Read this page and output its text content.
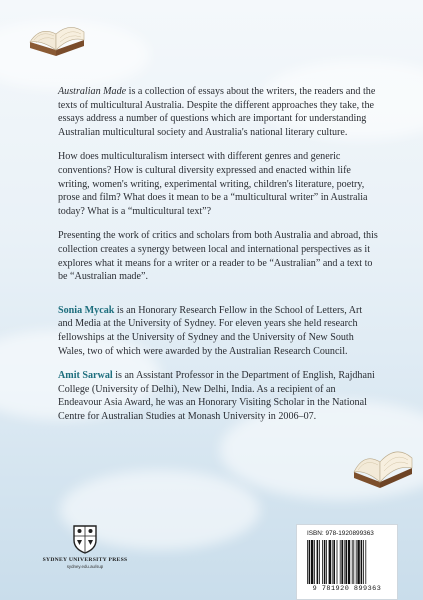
Australian Made is a collection of essays about the writers, the readers and the texts of multicultural Australia. Despite the different approaches they take, the essays address a number of questions which are important for understanding Australian multicultural society and Australia's national literary culture.

How does multiculturalism intersect with different genres and generic conventions? How is cultural diversity expressed and enacted within life writing, women's writing, experimental writing, children's literature, poetry, prose and film? What does it mean to be a “multicultural writer” in Australia today? What is a “multicultural text”?

Presenting the work of critics and scholars from both Australia and abroad, this collection creates a synergy between local and international perspectives as it explores what it means for a writer or a reader to be “Australian” and a text to be “Australian made”.

Sonia Mycak is an Honorary Research Fellow in the School of Letters, Art and Media at the University of Sydney. For eleven years she held research fellowships at the University of Sydney and the University of New South Wales, two of which were awarded by the Australian Research Council.

Amit Sarwal is an Assistant Professor in the Department of English, Rajdhani College (University of Delhi), New Delhi, India. As a recipient of an Endeavour Asia Award, he was an Honorary Visiting Scholar in the National Centre for Australian Studies at Monash University in 2006–07.

SYDNEY UNIVERSITY PRESS
sydney.edu.au/sup
ISBN: 978-1920899363
9 781920 899363
